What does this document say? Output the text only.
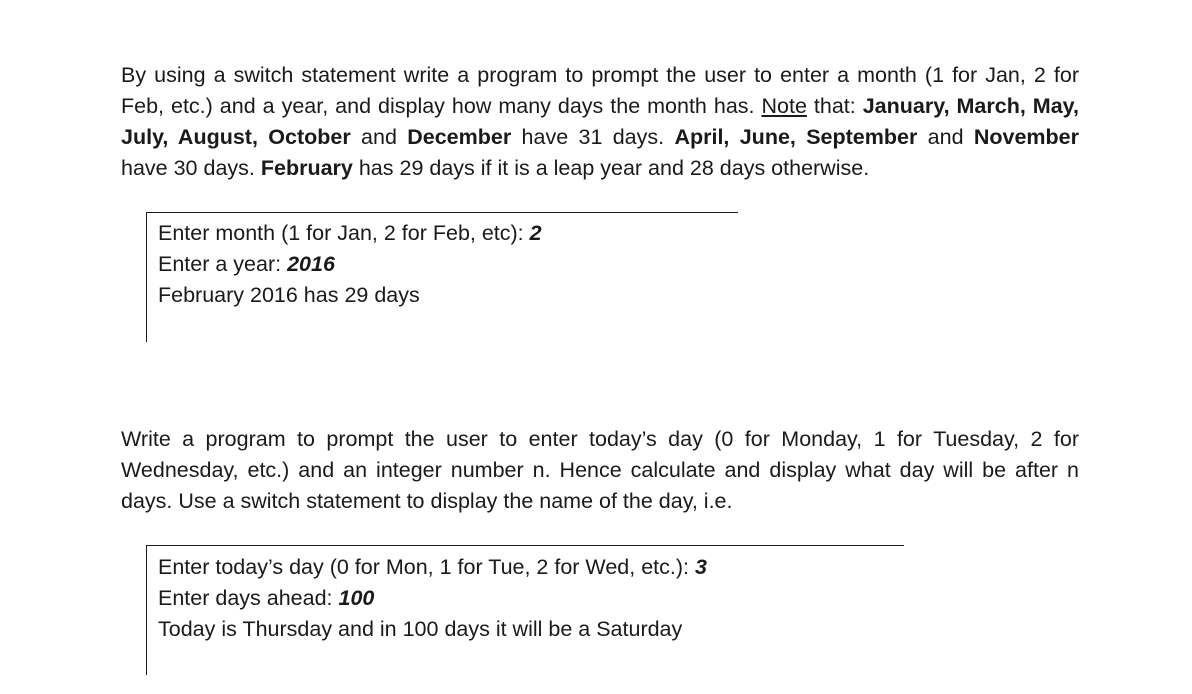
By using a switch statement write a program to prompt the user to enter a month (1 for Jan, 2 for Feb, etc.) and a year, and display how many days the month has. Note that: January, March, May, July, August, October and December have 31 days. April, June, September and November have 30 days. February has 29 days if it is a leap year and 28 days otherwise.

Enter month (1 for Jan, 2 for Feb, etc): 2
Enter a year: 2016
February 2016 has 29 days

Write a program to prompt the user to enter today’s day (0 for Monday, 1 for Tuesday, 2 for Wednesday, etc.) and an integer number n. Hence calculate and display what day will be after n days. Use a switch statement to display the name of the day, i.e.

Enter today’s day (0 for Mon, 1 for Tue, 2 for Wed, etc.): 3
Enter days ahead: 100
Today is Thursday and in 100 days it will be a Saturday
